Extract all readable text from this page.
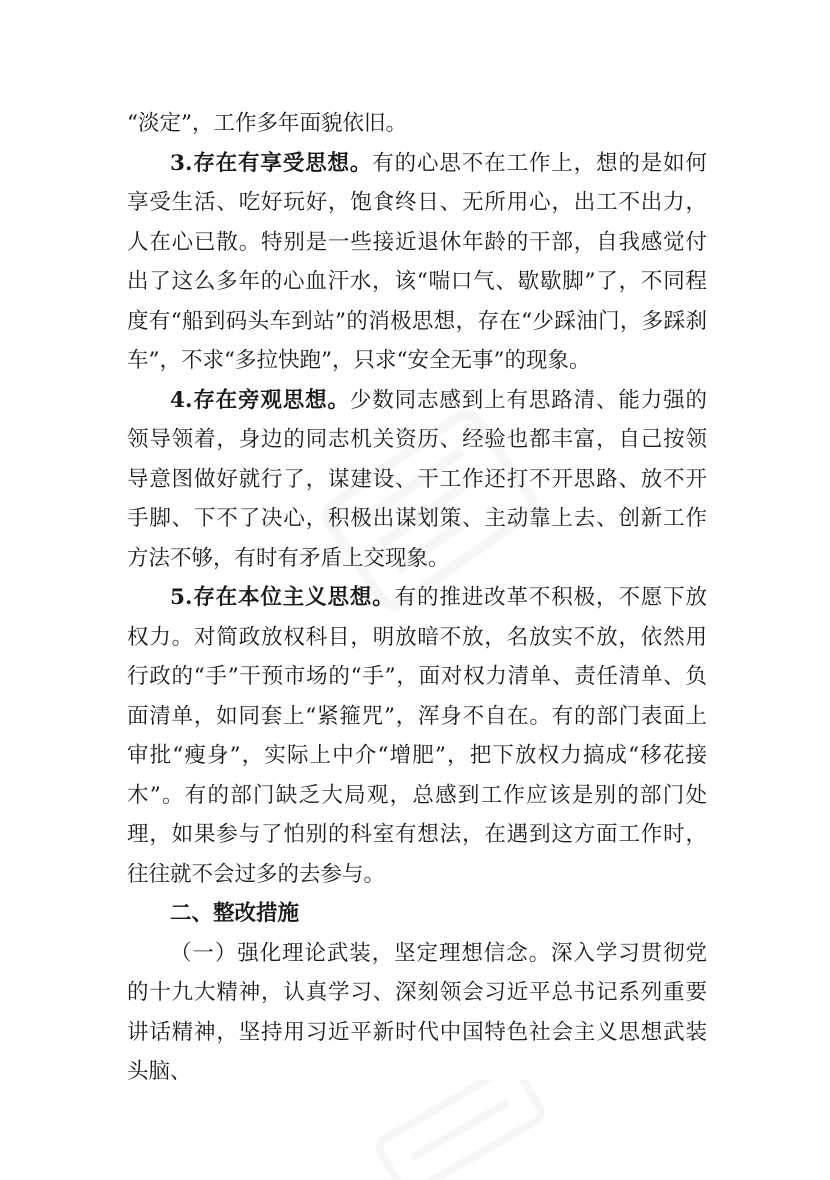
“淡定”，工作多年面貌依旧。

3.存在有享受思想。有的心思不在工作上，想的是如何享受生活、吃好玩好，饱食终日、无所用心，出工不出力，人在心已散。特别是一些接近退休年龄的干部，自我感觉付出了这么多年的心血汗水，该“喘口气、歇歇脚”了，不同程度有“船到码头车到站”的消极思想，存在“少踩油门，多踩刹车”，不求“多拉快跑”，只求“安全无事”的现象。

4.存在旁观思想。少数同志感到上有思路清、能力强的领导领着，身边的同志机关资历、经验也都丰富，自己按领导意图做好就行了，谋建设、干工作还打不开思路、放不开手脚、下不了决心，积极出谋划策、主动靠上去、创新工作方法不够，有时有矛盾上交现象。

5.存在本位主义思想。有的推进改革不积极，不愿下放权力。对简政放权科目，明放暗不放，名放实不放，依然用行政的“手”干预市场的“手”，面对权力清单、责任清单、负面清单，如同套上“紧箍咒”，浑身不自在。有的部门表面上审批“瘦身”，实际上中介“增肥”，把下放权力搞成“移花接木”。有的部门缺乏大局观，总感到工作应该是别的部门处理，如果参与了怕别的科室有想法，在遇到这方面工作时，往往就不会过多的去参与。

二、整改措施

（一）强化理论武装，坚定理想信念。深入学习贯彻党的十九大精神，认真学习、深刻领会习近平总书记系列重要讲话精神，坚持用习近平新时代中国特色社会主义思想武装头脑、
